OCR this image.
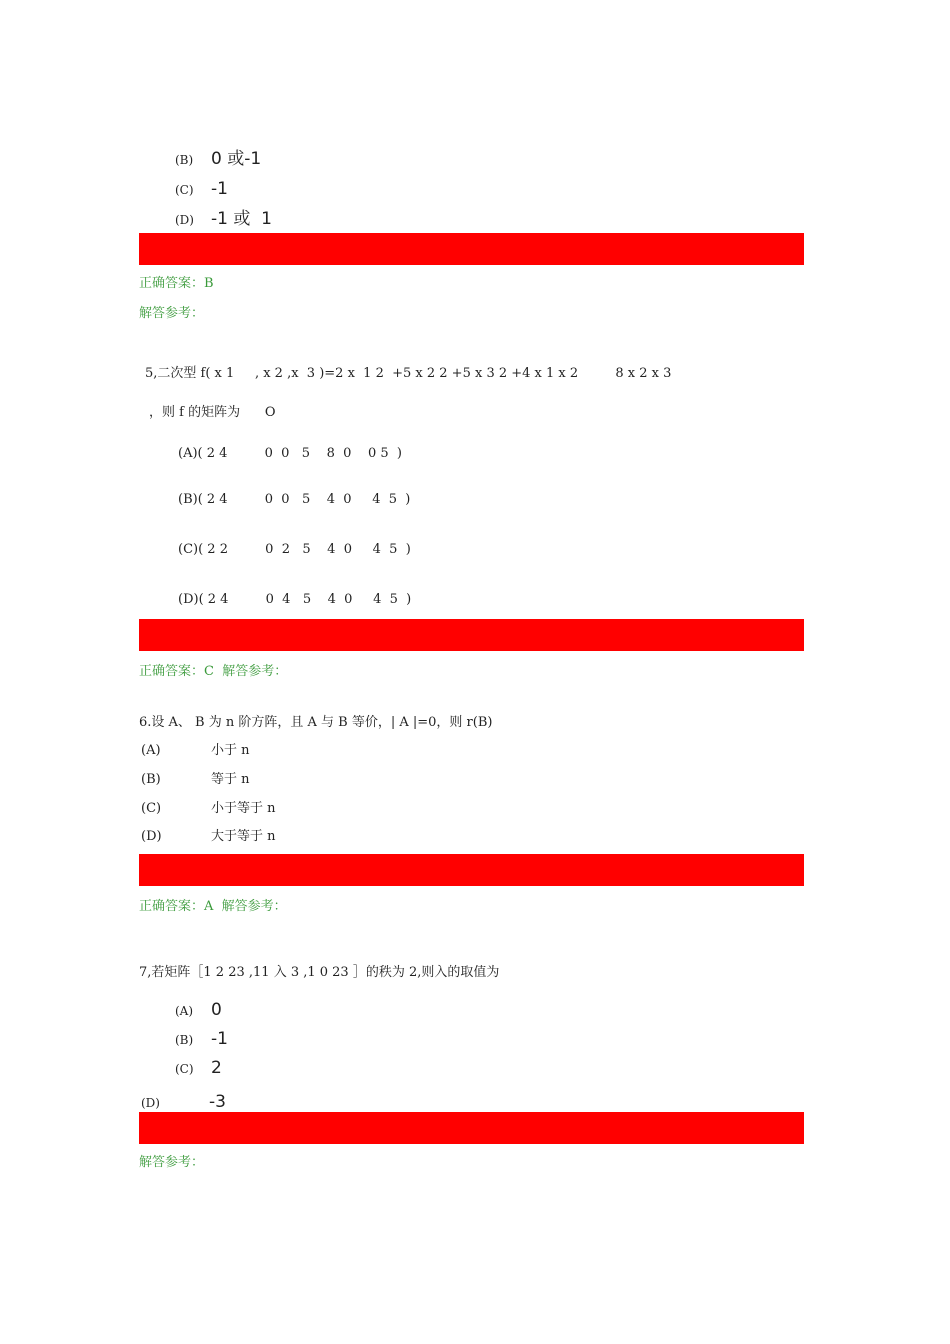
(B) 0 或-1
(C) -1
(D) -1 或  1
正确答案：B
解答参考：
5,二次型 f( x 1     , x 2 ,x  3 )=2 x  1 2  +5 x 2 2 +5 x 3 2 +4 x 1 x 2         8 x 2 x 3
，则 f 的矩阵为      O
(A)( 2 4         0  0   5    8  0    0 5  )
(B)( 2 4         0  0   5    4  0     4  5  )
(C)( 2 2         0  2   5    4  0     4  5  )
(D)( 2 4         0  4   5    4  0     4  5  )
正确答案：C  解答参考：
6.设 A、 B 为 n 阶方阵，且 A 与 B 等价，| A |=0，则 r(B)
(A)	小于 n
(B)	等于 n
(C)	小于等于 n
(D)	大于等于 n
正确答案：A  解答参考：
7,若矩阵［1 2 23 ,11 入 3 ,1 0 23 ］的秩为 2,则入的取值为
(A) 0
(B) -1
(C) 2
(D)	-3
解答参考：
